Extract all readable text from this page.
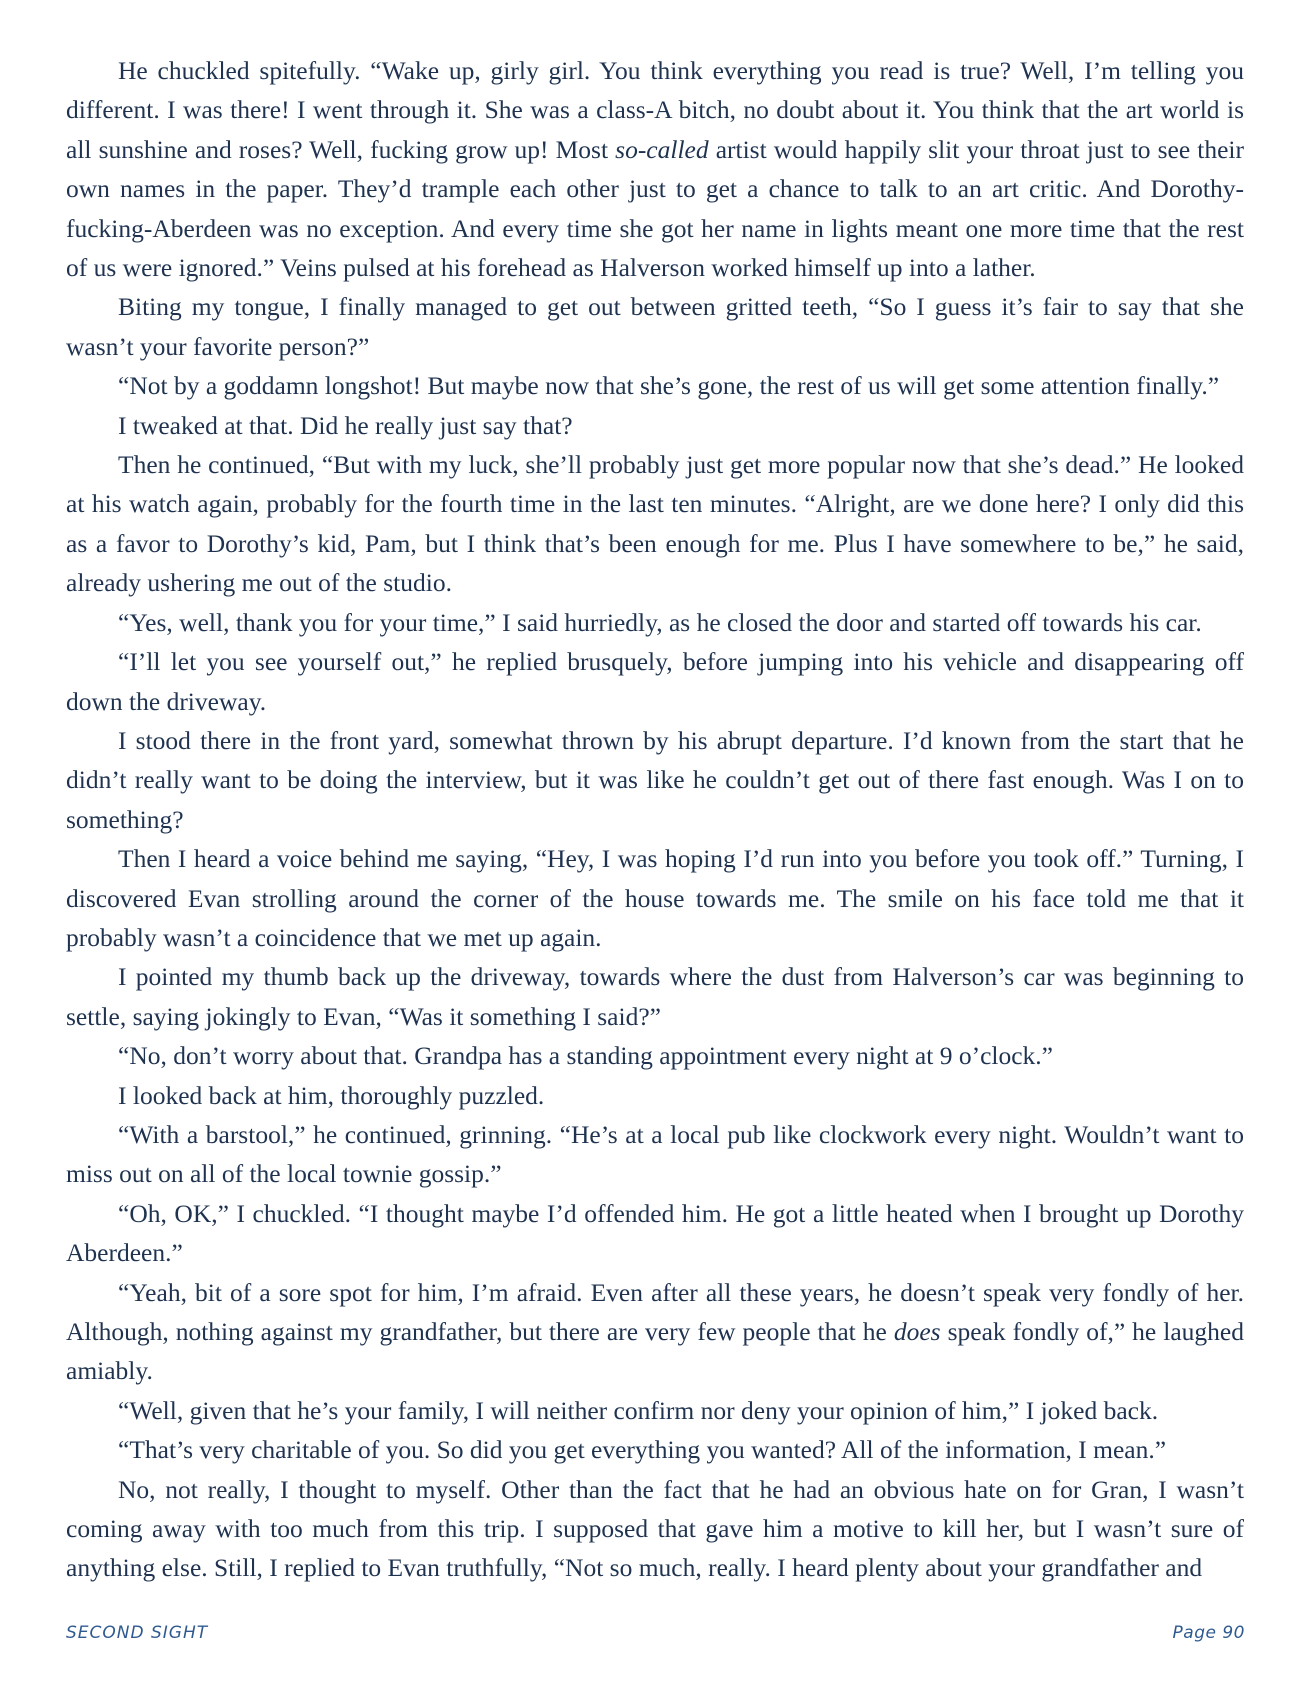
He chuckled spitefully. “Wake up, girly girl. You think everything you read is true? Well, I’m telling you different. I was there! I went through it. She was a class-A bitch, no doubt about it. You think that the art world is all sunshine and roses? Well, fucking grow up! Most so-called artist would happily slit your throat just to see their own names in the paper. They’d trample each other just to get a chance to talk to an art critic. And Dorothy-fucking-Aberdeen was no exception. And every time she got her name in lights meant one more time that the rest of us were ignored.” Veins pulsed at his forehead as Halverson worked himself up into a lather.

Biting my tongue, I finally managed to get out between gritted teeth, “So I guess it’s fair to say that she wasn’t your favorite person?”

“Not by a goddamn longshot! But maybe now that she’s gone, the rest of us will get some attention finally.”

I tweaked at that. Did he really just say that?

Then he continued, “But with my luck, she’ll probably just get more popular now that she’s dead.” He looked at his watch again, probably for the fourth time in the last ten minutes. “Alright, are we done here? I only did this as a favor to Dorothy’s kid, Pam, but I think that’s been enough for me. Plus I have somewhere to be,” he said, already ushering me out of the studio.

“Yes, well, thank you for your time,” I said hurriedly, as he closed the door and started off towards his car.

“I’ll let you see yourself out,” he replied brusquely, before jumping into his vehicle and disappearing off down the driveway.

I stood there in the front yard, somewhat thrown by his abrupt departure. I’d known from the start that he didn’t really want to be doing the interview, but it was like he couldn’t get out of there fast enough. Was I on to something?

Then I heard a voice behind me saying, “Hey, I was hoping I’d run into you before you took off.” Turning, I discovered Evan strolling around the corner of the house towards me. The smile on his face told me that it probably wasn’t a coincidence that we met up again.

I pointed my thumb back up the driveway, towards where the dust from Halverson’s car was beginning to settle, saying jokingly to Evan, “Was it something I said?”

“No, don’t worry about that. Grandpa has a standing appointment every night at 9 o’clock.”

I looked back at him, thoroughly puzzled.

“With a barstool,” he continued, grinning. “He’s at a local pub like clockwork every night. Wouldn’t want to miss out on all of the local townie gossip.”

“Oh, OK,” I chuckled. “I thought maybe I’d offended him. He got a little heated when I brought up Dorothy Aberdeen.”

“Yeah, bit of a sore spot for him, I’m afraid. Even after all these years, he doesn’t speak very fondly of her. Although, nothing against my grandfather, but there are very few people that he does speak fondly of,” he laughed amiably.

“Well, given that he’s your family, I will neither confirm nor deny your opinion of him,” I joked back.

“That’s very charitable of you. So did you get everything you wanted? All of the information, I mean.”

No, not really, I thought to myself. Other than the fact that he had an obvious hate on for Gran, I wasn’t coming away with too much from this trip. I supposed that gave him a motive to kill her, but I wasn’t sure of anything else. Still, I replied to Evan truthfully, “Not so much, really. I heard plenty about your grandfather and

SECOND SIGHT	Page 90
